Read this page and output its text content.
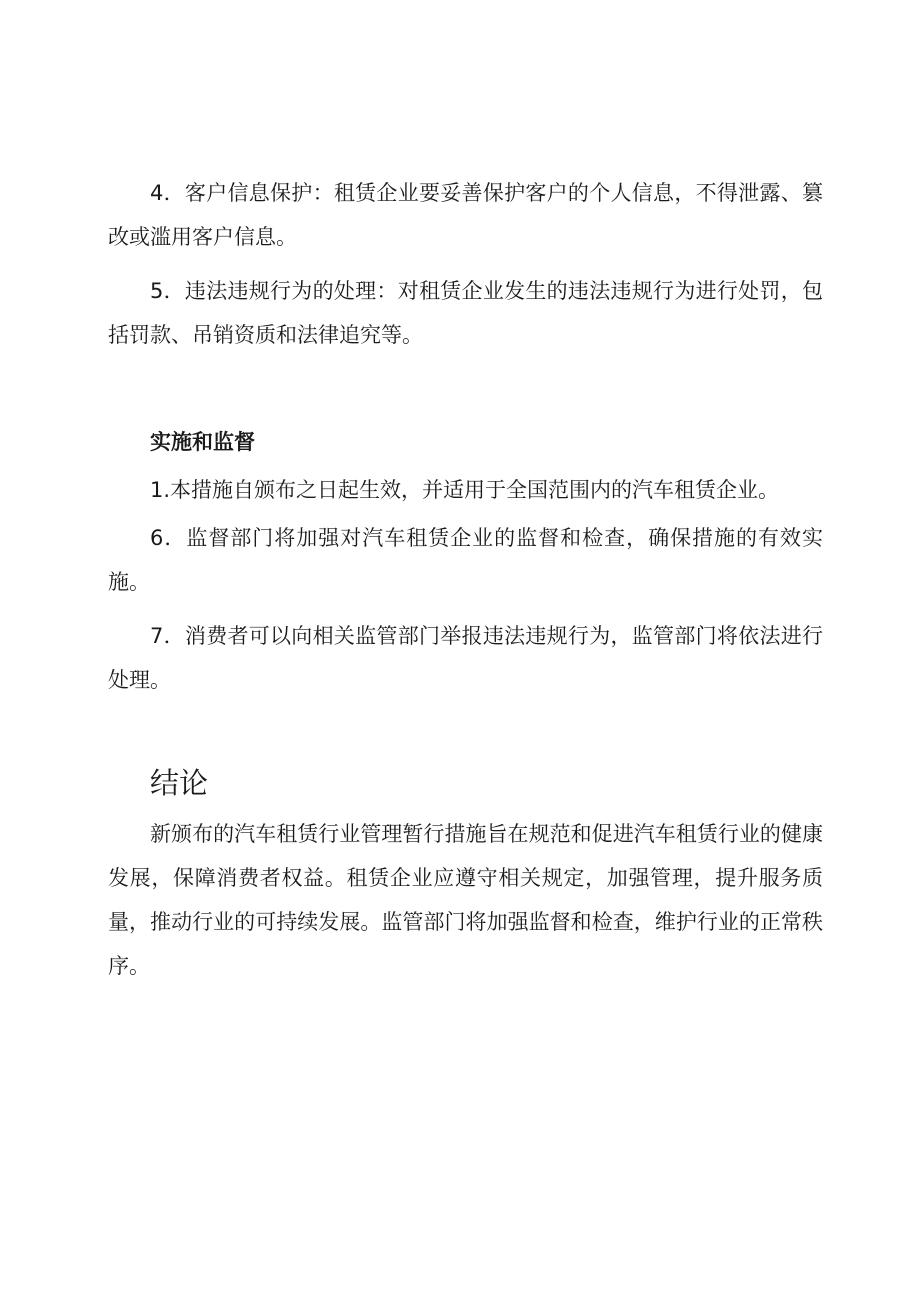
4．客户信息保护：租赁企业要妥善保护客户的个人信息，不得泄露、篡改或滥用客户信息。

5．违法违规行为的处理：对租赁企业发生的违法违规行为进行处罚，包括罚款、吊销资质和法律追究等。

实施和监督

1.本措施自颁布之日起生效，并适用于全国范围内的汽车租赁企业。

6．监督部门将加强对汽车租赁企业的监督和检查，确保措施的有效实施。

7．消费者可以向相关监管部门举报违法违规行为，监管部门将依法进行处理。

结论

新颁布的汽车租赁行业管理暂行措施旨在规范和促进汽车租赁行业的健康发展，保障消费者权益。租赁企业应遵守相关规定，加强管理，提升服务质量，推动行业的可持续发展。监管部门将加强监督和检查，维护行业的正常秩序。
